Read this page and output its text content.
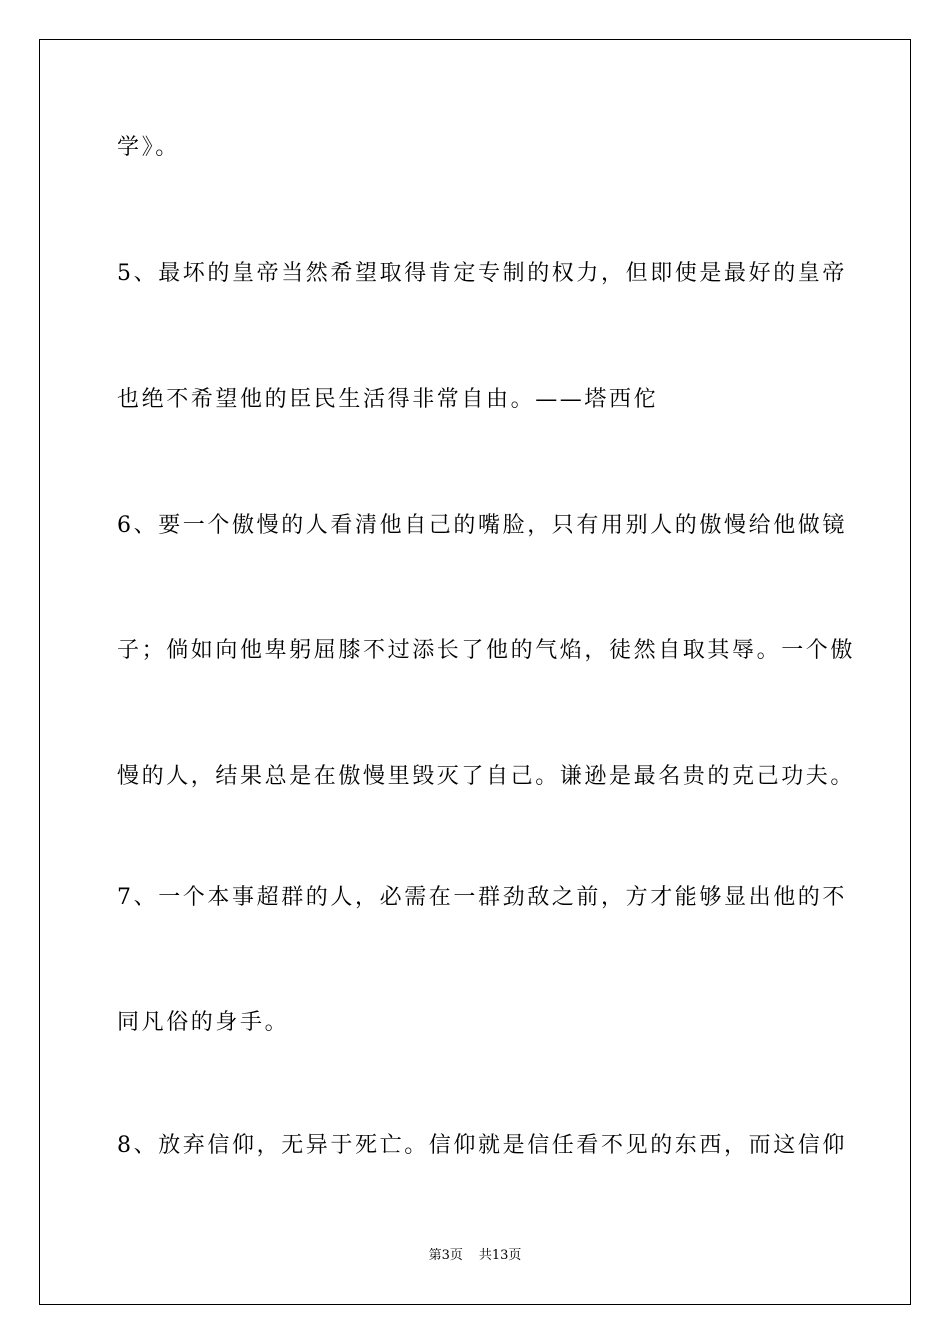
学》。
5、最坏的皇帝当然希望取得肯定专制的权力，但即使是最好的皇帝
也绝不希望他的臣民生活得非常自由。——塔西佗
6、要一个傲慢的人看清他自己的嘴脸，只有用别人的傲慢给他做镜
子；倘如向他卑躬屈膝不过添长了他的气焰，徒然自取其辱。一个傲
慢的人，结果总是在傲慢里毁灭了自己。谦逊是最名贵的克己功夫。
7、一个本事超群的人，必需在一群劲敌之前，方才能够显出他的不
同凡俗的身手。
8、放弃信仰，无异于死亡。信仰就是信任看不见的东西，而这信仰
第3页 共13页
